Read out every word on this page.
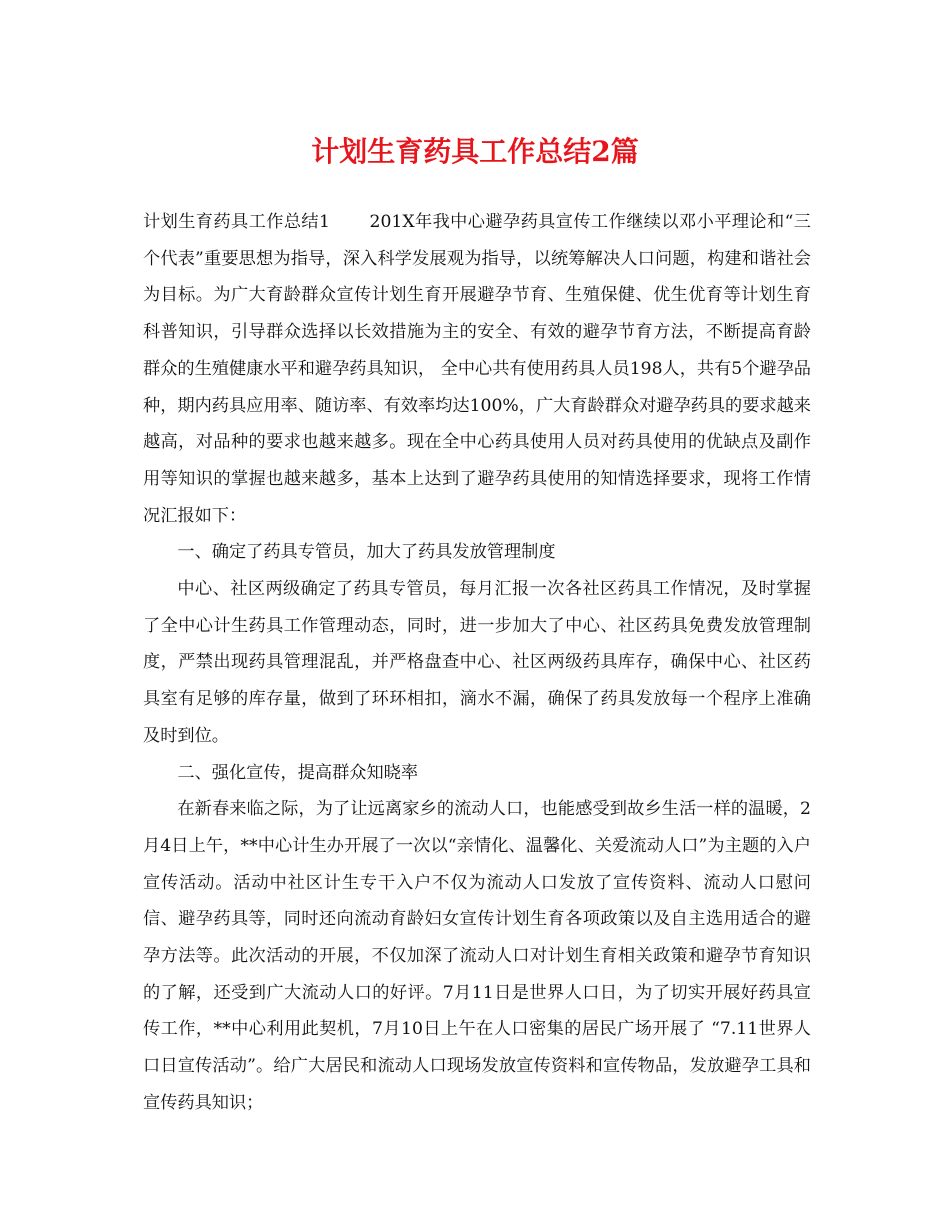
计划生育药具工作总结2篇

计划生育药具工作总结1 201X年我中心避孕药具宣传工作继续以邓小平理论和“三个代表”重要思想为指导，深入科学发展观为指导，以统筹解决人口问题，构建和谐社会为目标。为广大育龄群众宣传计划生育开展避孕节育、生殖保健、优生优育等计划生育科普知识，引导群众选择以长效措施为主的安全、有效的避孕节育方法，不断提高育龄群众的生殖健康水平和避孕药具知识， 全中心共有使用药具人员198人，共有5个避孕品种，期内药具应用率、随访率、有效率均达100%，广大育龄群众对避孕药具的要求越来越高，对品种的要求也越来越多。现在全中心药具使用人员对药具使用的优缺点及副作用等知识的掌握也越来越多，基本上达到了避孕药具使用的知情选择要求，现将工作情况汇报如下：

一、确定了药具专管员，加大了药具发放管理制度

中心、社区两级确定了药具专管员，每月汇报一次各社区药具工作情况，及时掌握了全中心计生药具工作管理动态，同时，进一步加大了中心、社区药具免费发放管理制度，严禁出现药具管理混乱，并严格盘查中心、社区两级药具库存，确保中心、社区药具室有足够的库存量，做到了环环相扣，滴水不漏，确保了药具发放每一个程序上准确及时到位。

二、强化宣传，提高群众知晓率

在新春来临之际，为了让远离家乡的流动人口，也能感受到故乡生活一样的温暖，2月4日上午，**中心计生办开展了一次以“亲情化、温馨化、关爱流动人口”为主题的入户宣传活动。活动中社区计生专干入户不仅为流动人口发放了宣传资料、流动人口慰问信、避孕药具等，同时还向流动育龄妇女宣传计划生育各项政策以及自主选用适合的避孕方法等。此次活动的开展，不仅加深了流动人口对计划生育相关政策和避孕节育知识的了解，还受到广大流动人口的好评。7月11日是世界人口日，为了切实开展好药具宣传工作，**中心利用此契机，7月10日上午在人口密集的居民广场开展了 “7.11世界人口日宣传活动”。给广大居民和流动人口现场发放宣传资料和宣传物品，发放避孕工具和宣传药具知识；
